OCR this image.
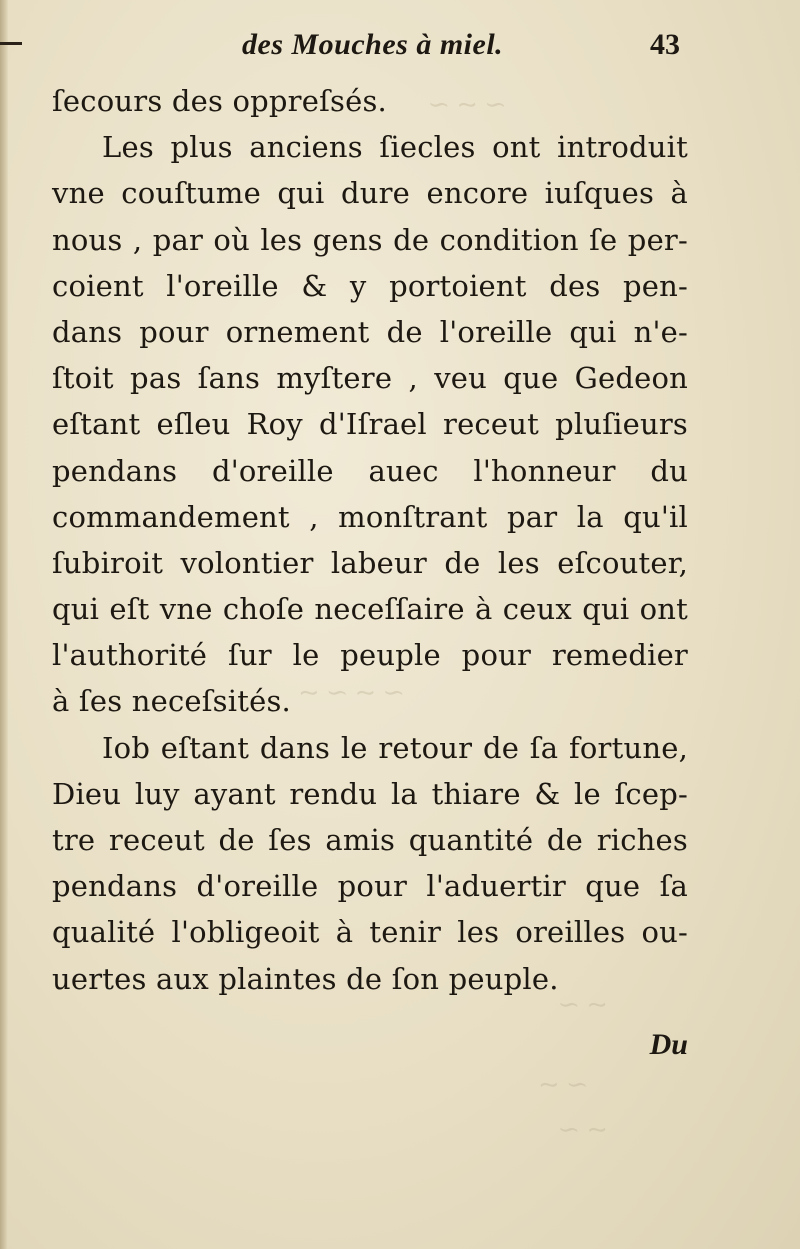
∼ ∽ ∼
∼ ∽ ∼ ∽
∽ ∼
∼ ∽
∽ ∼
des Mouches à miel.	43
ſecours des oppreſsés.
Les plus anciens ſiecles ont introduit
vne couſtume qui dure encore iuſques à
nous , par où les gens de condition ſe per-
coient l'oreille & y portoient des pen-
dans pour ornement de l'oreille qui n'e-
ſtoit pas ſans myſtere , veu que Gedeon
eſtant eſleu Roy d'Iſrael receut pluſieurs
pendans d'oreille auec l'honneur du
commandement , monſtrant par la qu'il
ſubiroit volontier labeur de les eſcouter,
qui eſt vne choſe neceſſaire à ceux qui ont
l'authorité ſur le peuple pour remedier
à ſes neceſsités.
Iob eſtant dans le retour de ſa fortune,
Dieu luy ayant rendu la thiare & le ſcep-
tre receut de ſes amis quantité de riches
pendans d'oreille pour l'aduertir que ſa
qualité l'obligeoit à tenir les oreilles ou-
uertes aux plaintes de ſon peuple.
Du
